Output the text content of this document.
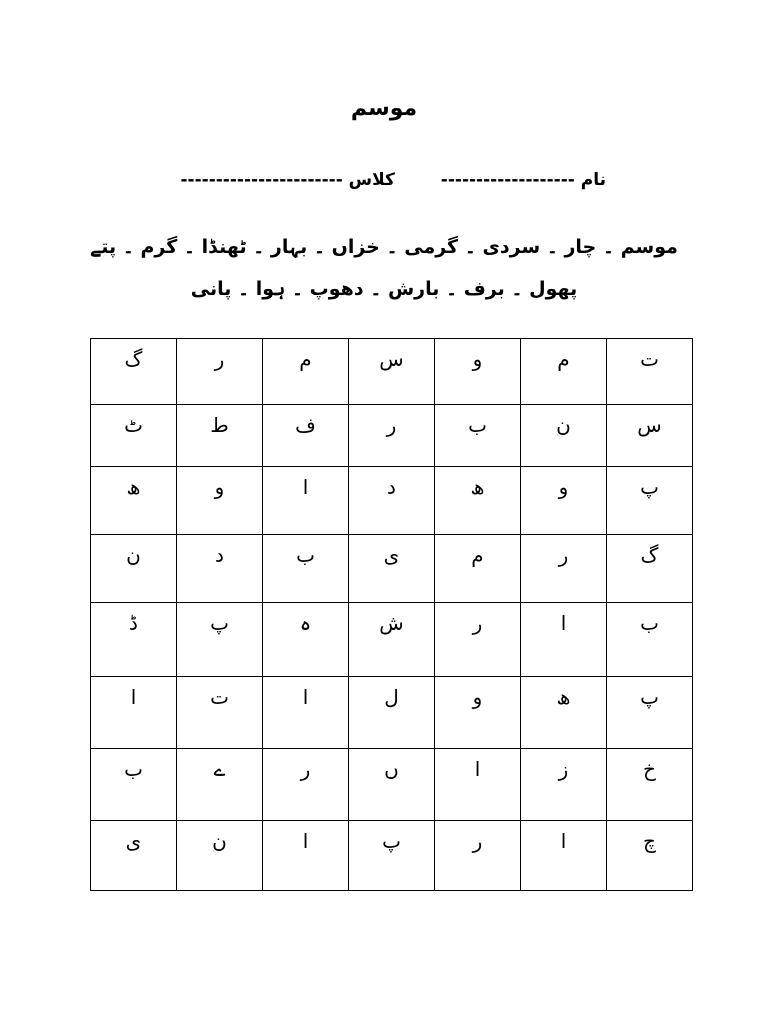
موسم
نام -------------------  کلاس -----------------------
موسم ۔ چار ۔ سردی ۔ گرمی ۔ خزاں ۔ بہار ۔ ٹھنڈا ۔ گرم ۔ پتے
پھول ۔ برف ۔ بارش ۔ دھوپ ۔ ہوا ۔ پانی
ت	م	و	س	م	ر	گ
س	ن	ب	ر	ف	ط	ٹ
پ	و	ھ	د	ا	و	ھ
گ	ر	م	ی	ب	د	ن
ب	ا	ر	ش	ہ	پ	ڈ
پ	ھ	و	ل	ا	ت	ا
خ	ز	ا	ں	ر	ے	ب
چ	ا	ر	پ	ا	ن	ی
